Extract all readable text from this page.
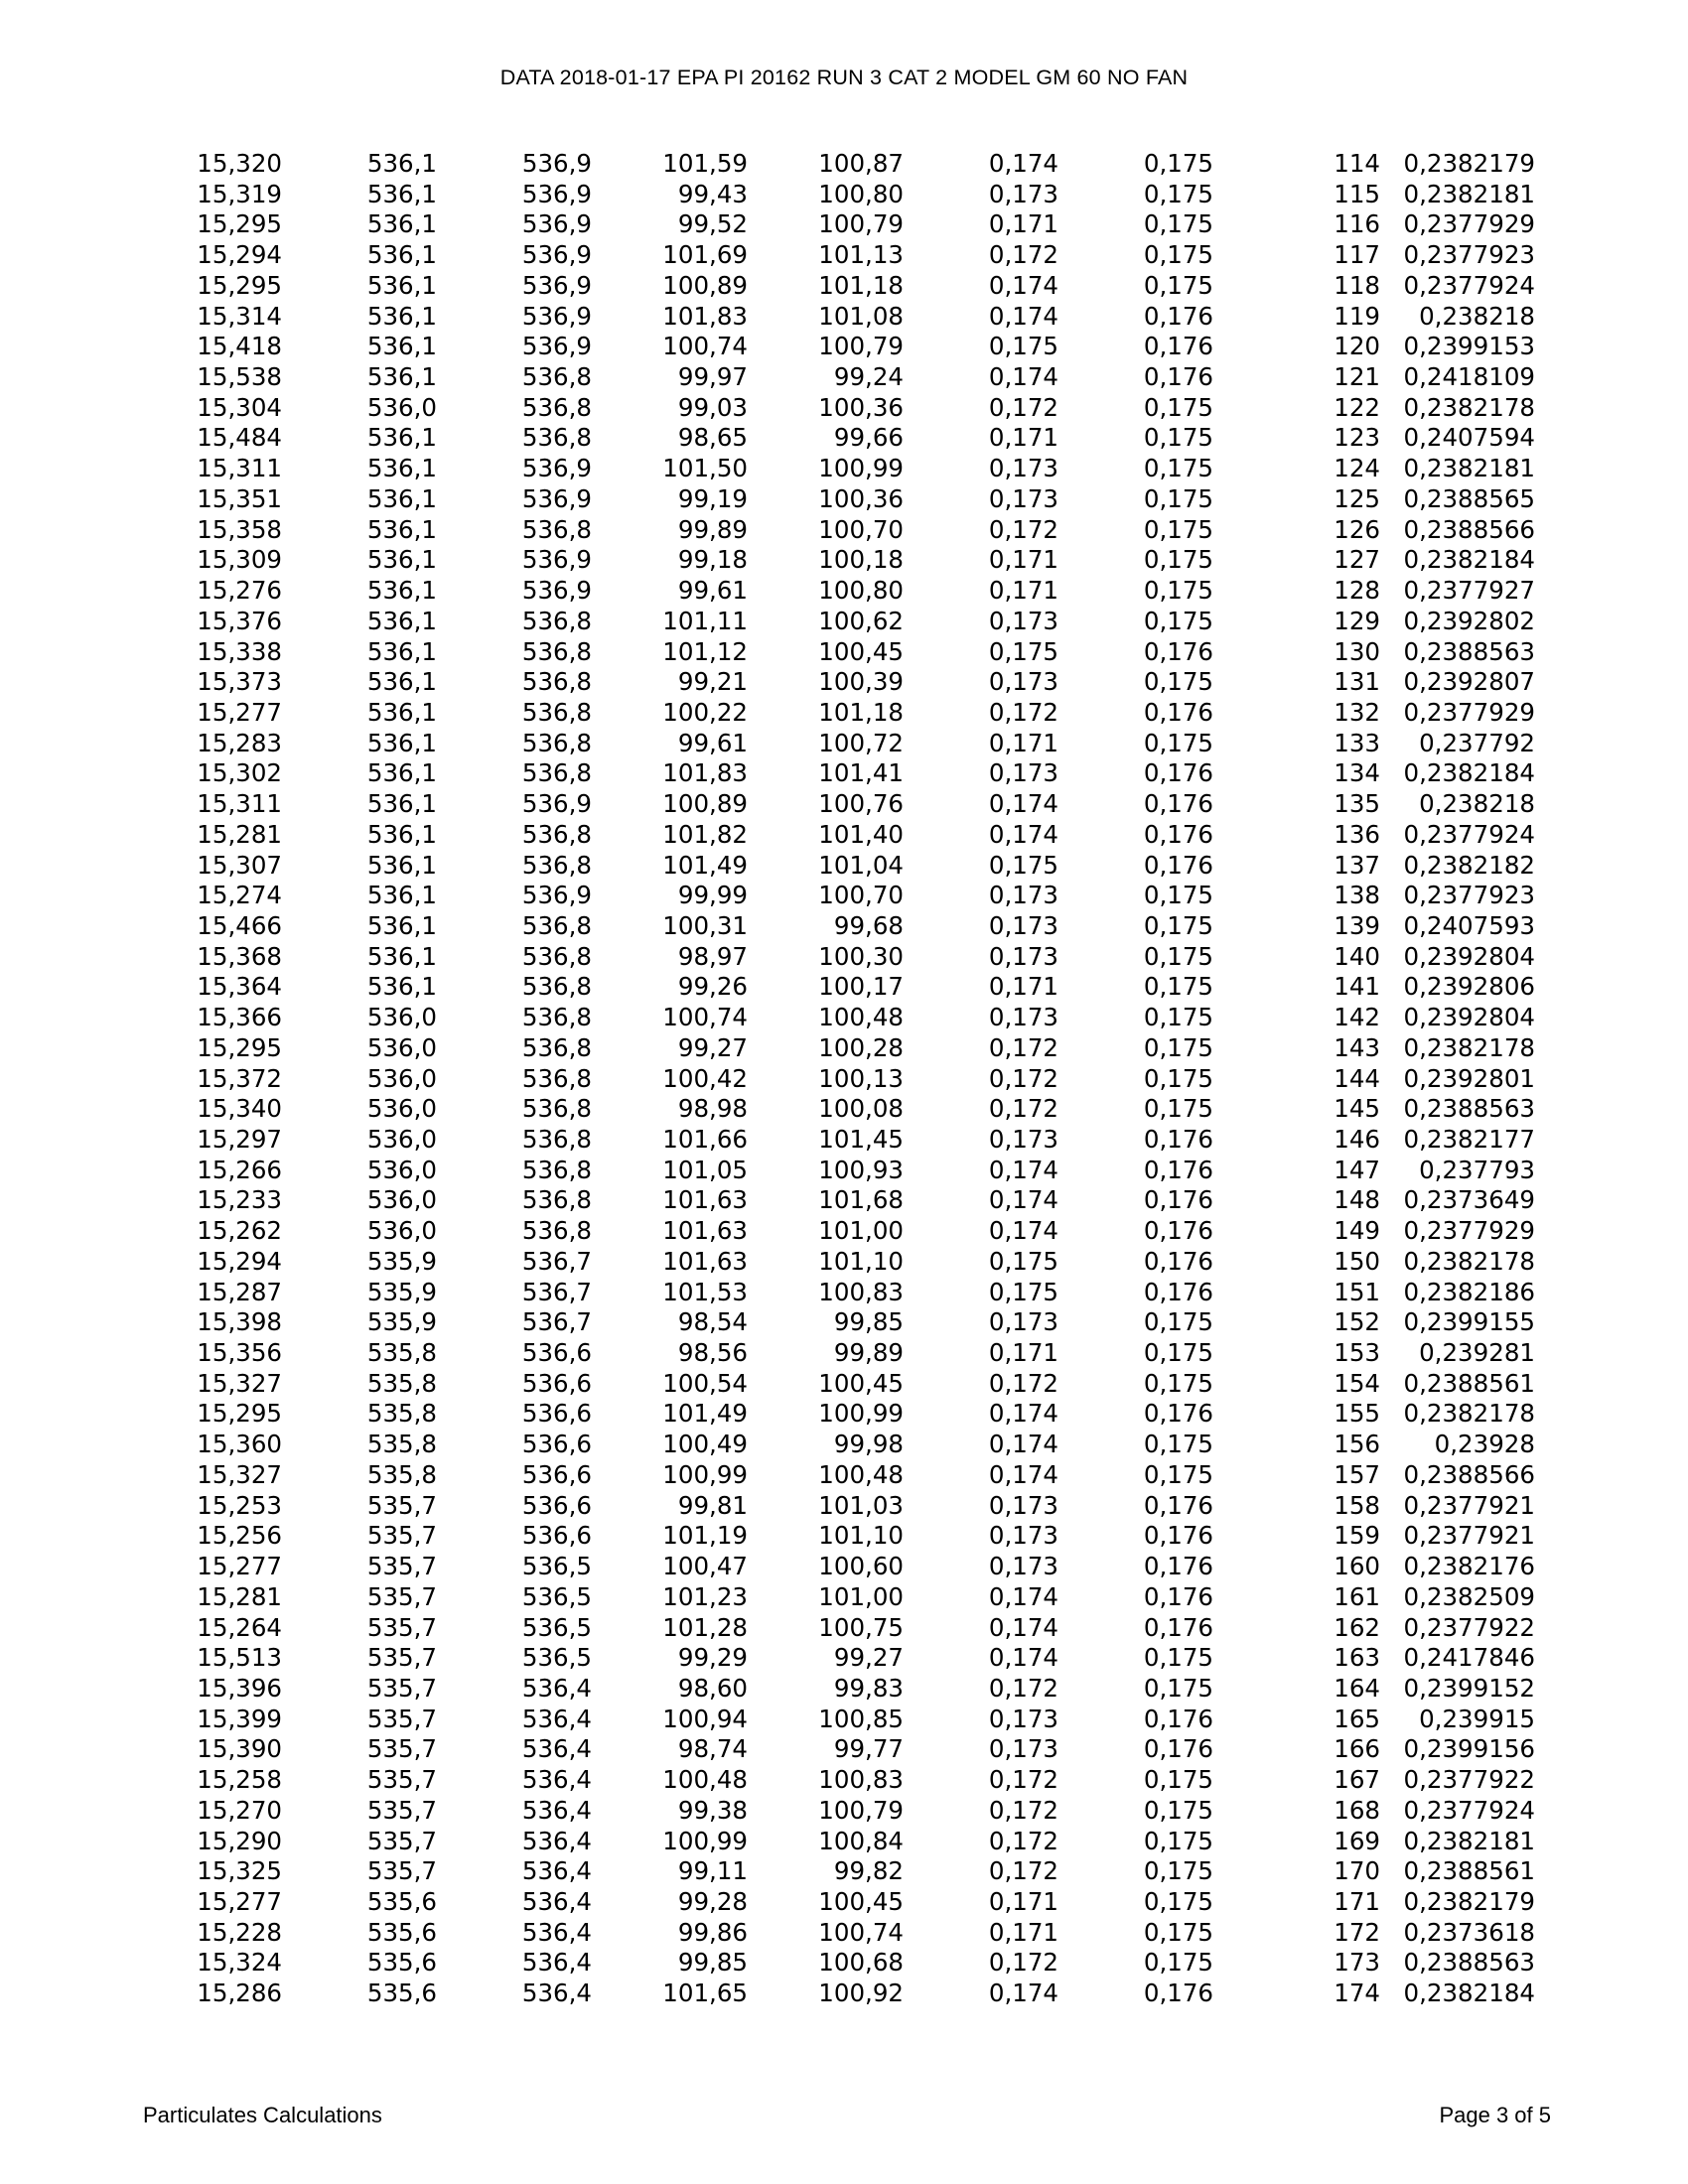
DATA 2018-01-17 EPA PI 20162 RUN 3 CAT 2 MODEL GM 60 NO FAN
15,320	536,1	536,9	101,59	100,87	0,174	0,175	114	0,2382179
15,319	536,1	536,9	99,43	100,80	0,173	0,175	115	0,2382181
15,295	536,1	536,9	99,52	100,79	0,171	0,175	116	0,2377929
15,294	536,1	536,9	101,69	101,13	0,172	0,175	117	0,2377923
15,295	536,1	536,9	100,89	101,18	0,174	0,175	118	0,2377924
15,314	536,1	536,9	101,83	101,08	0,174	0,176	119	0,238218
15,418	536,1	536,9	100,74	100,79	0,175	0,176	120	0,2399153
15,538	536,1	536,8	99,97	99,24	0,174	0,176	121	0,2418109
15,304	536,0	536,8	99,03	100,36	0,172	0,175	122	0,2382178
15,484	536,1	536,8	98,65	99,66	0,171	0,175	123	0,2407594
15,311	536,1	536,9	101,50	100,99	0,173	0,175	124	0,2382181
15,351	536,1	536,9	99,19	100,36	0,173	0,175	125	0,2388565
15,358	536,1	536,8	99,89	100,70	0,172	0,175	126	0,2388566
15,309	536,1	536,9	99,18	100,18	0,171	0,175	127	0,2382184
15,276	536,1	536,9	99,61	100,80	0,171	0,175	128	0,2377927
15,376	536,1	536,8	101,11	100,62	0,173	0,175	129	0,2392802
15,338	536,1	536,8	101,12	100,45	0,175	0,176	130	0,2388563
15,373	536,1	536,8	99,21	100,39	0,173	0,175	131	0,2392807
15,277	536,1	536,8	100,22	101,18	0,172	0,176	132	0,2377929
15,283	536,1	536,8	99,61	100,72	0,171	0,175	133	0,237792
15,302	536,1	536,8	101,83	101,41	0,173	0,176	134	0,2382184
15,311	536,1	536,9	100,89	100,76	0,174	0,176	135	0,238218
15,281	536,1	536,8	101,82	101,40	0,174	0,176	136	0,2377924
15,307	536,1	536,8	101,49	101,04	0,175	0,176	137	0,2382182
15,274	536,1	536,9	99,99	100,70	0,173	0,175	138	0,2377923
15,466	536,1	536,8	100,31	99,68	0,173	0,175	139	0,2407593
15,368	536,1	536,8	98,97	100,30	0,173	0,175	140	0,2392804
15,364	536,1	536,8	99,26	100,17	0,171	0,175	141	0,2392806
15,366	536,0	536,8	100,74	100,48	0,173	0,175	142	0,2392804
15,295	536,0	536,8	99,27	100,28	0,172	0,175	143	0,2382178
15,372	536,0	536,8	100,42	100,13	0,172	0,175	144	0,2392801
15,340	536,0	536,8	98,98	100,08	0,172	0,175	145	0,2388563
15,297	536,0	536,8	101,66	101,45	0,173	0,176	146	0,2382177
15,266	536,0	536,8	101,05	100,93	0,174	0,176	147	0,237793
15,233	536,0	536,8	101,63	101,68	0,174	0,176	148	0,2373649
15,262	536,0	536,8	101,63	101,00	0,174	0,176	149	0,2377929
15,294	535,9	536,7	101,63	101,10	0,175	0,176	150	0,2382178
15,287	535,9	536,7	101,53	100,83	0,175	0,176	151	0,2382186
15,398	535,9	536,7	98,54	99,85	0,173	0,175	152	0,2399155
15,356	535,8	536,6	98,56	99,89	0,171	0,175	153	0,239281
15,327	535,8	536,6	100,54	100,45	0,172	0,175	154	0,2388561
15,295	535,8	536,6	101,49	100,99	0,174	0,176	155	0,2382178
15,360	535,8	536,6	100,49	99,98	0,174	0,175	156	0,23928
15,327	535,8	536,6	100,99	100,48	0,174	0,175	157	0,2388566
15,253	535,7	536,6	99,81	101,03	0,173	0,176	158	0,2377921
15,256	535,7	536,6	101,19	101,10	0,173	0,176	159	0,2377921
15,277	535,7	536,5	100,47	100,60	0,173	0,176	160	0,2382176
15,281	535,7	536,5	101,23	101,00	0,174	0,176	161	0,2382509
15,264	535,7	536,5	101,28	100,75	0,174	0,176	162	0,2377922
15,513	535,7	536,5	99,29	99,27	0,174	0,175	163	0,2417846
15,396	535,7	536,4	98,60	99,83	0,172	0,175	164	0,2399152
15,399	535,7	536,4	100,94	100,85	0,173	0,176	165	0,239915
15,390	535,7	536,4	98,74	99,77	0,173	0,176	166	0,2399156
15,258	535,7	536,4	100,48	100,83	0,172	0,175	167	0,2377922
15,270	535,7	536,4	99,38	100,79	0,172	0,175	168	0,2377924
15,290	535,7	536,4	100,99	100,84	0,172	0,175	169	0,2382181
15,325	535,7	536,4	99,11	99,82	0,172	0,175	170	0,2388561
15,277	535,6	536,4	99,28	100,45	0,171	0,175	171	0,2382179
15,228	535,6	536,4	99,86	100,74	0,171	0,175	172	0,2373618
15,324	535,6	536,4	99,85	100,68	0,172	0,175	173	0,2388563
15,286	535,6	536,4	101,65	100,92	0,174	0,176	174	0,2382184
Particulates Calculations	Page 3 of 5
